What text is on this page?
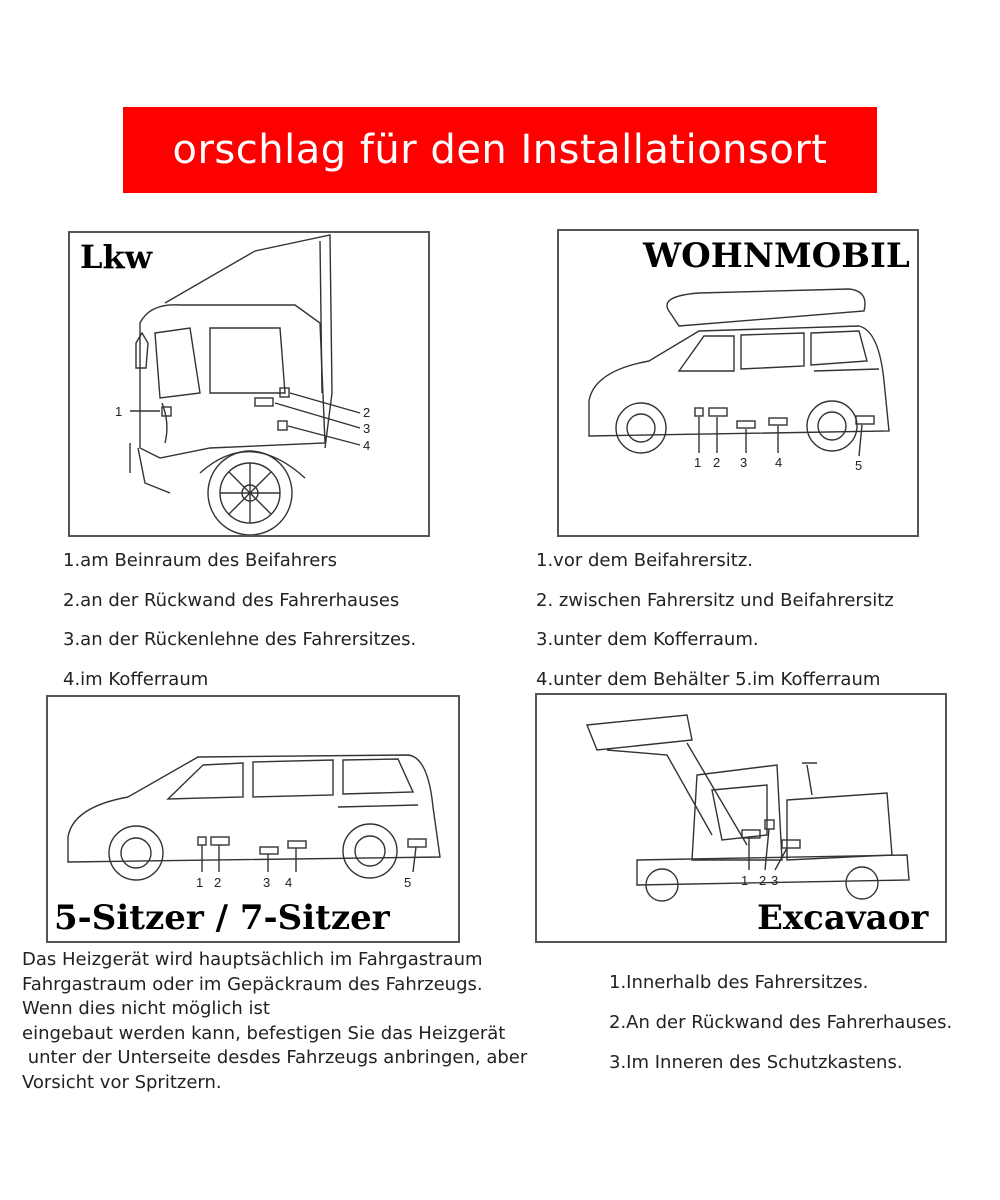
orschlag für den Installationsort
1	2
3
4
Lkw
1 2 3 4	5
WOHNMOBIL
1.am Beinraum des Beifahrers
2.an der Rückwand des Fahrerhauses
3.an der Rückenlehne des Fahrersitzes.
4.im Kofferraum
1.vor dem Beifahrersitz.
2. zwischen Fahrersitz und Beifahrersitz
3.unter dem Kofferraum.
4.unter dem Behälter 5.im Kofferraum
1 2	3 4	5
5-Sitzer / 7-Sitzer
1 2 3
Excavaor
Das Heizgerät wird hauptsächlich im Fahrgastraum
Fahrgastraum oder im Gepäckraum des Fahrzeugs.
Wenn dies nicht möglich ist
eingebaut werden kann, befestigen Sie das Heizgerät
unter der Unterseite desdes Fahrzeugs anbringen, aber
Vorsicht vor Spritzern.
1.Innerhalb des Fahrersitzes.
2.An der Rückwand des Fahrerhauses.
3.Im Inneren des Schutzkastens.
